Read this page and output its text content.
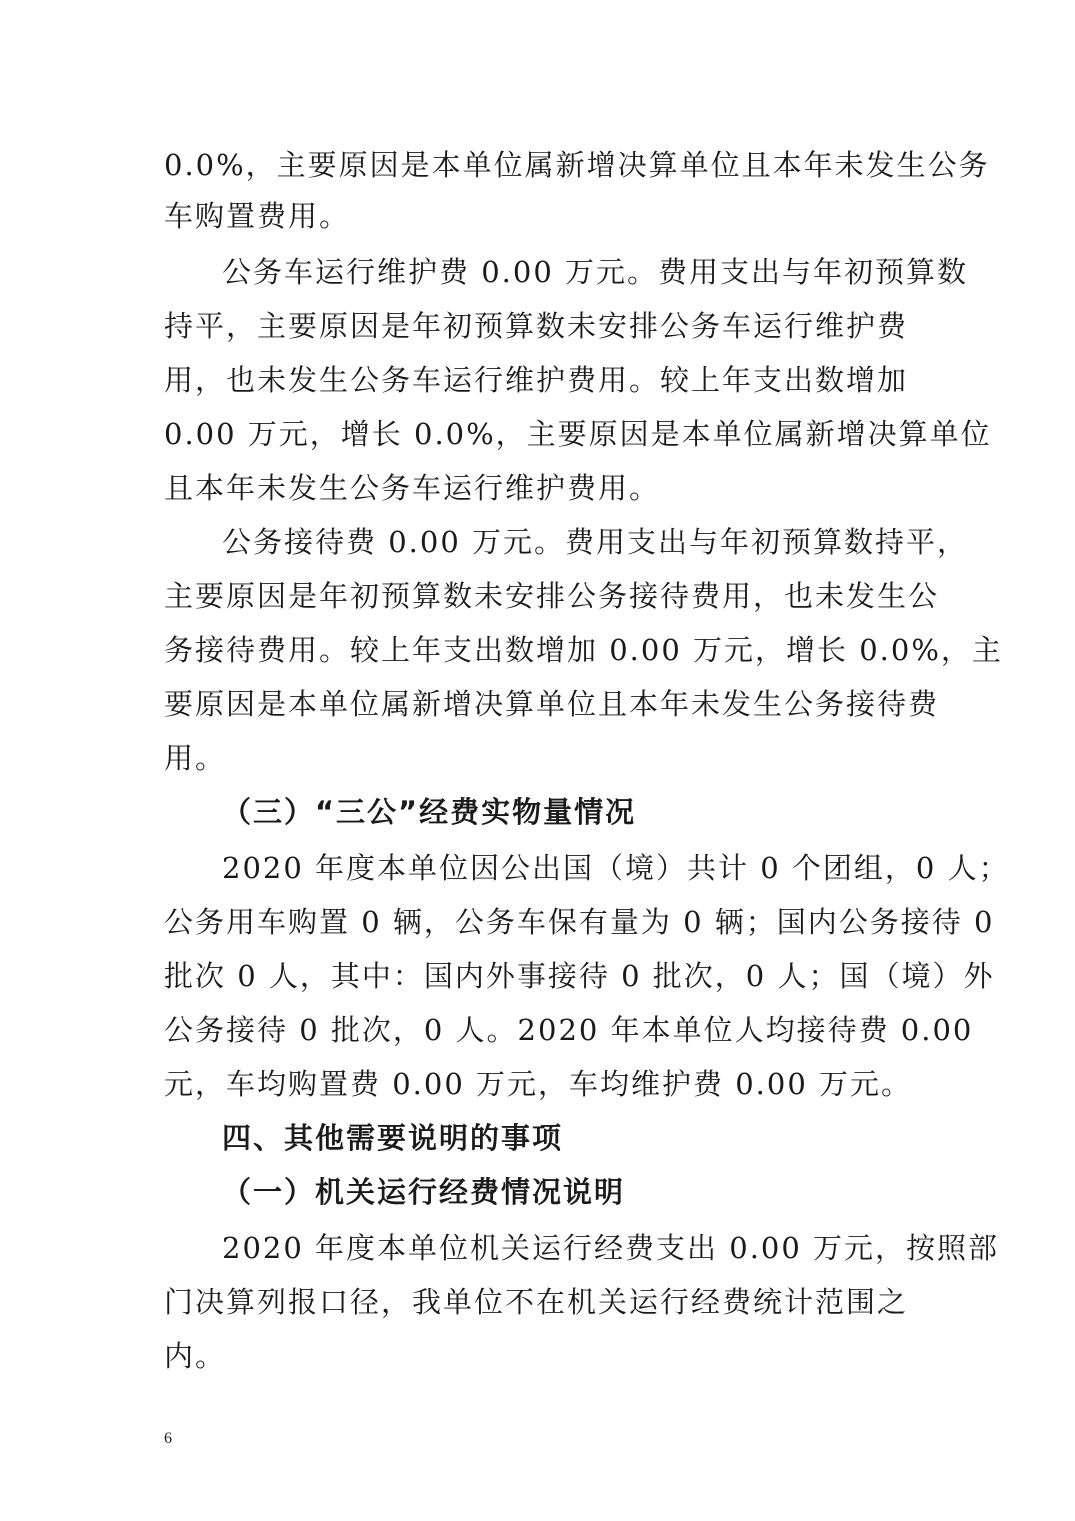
0.0%，主要原因是本单位属新增决算单位且本年未发生公务
车购置费用。
公务车运行维护费 0.00 万元。费用支出与年初预算数
持平，主要原因是年初预算数未安排公务车运行维护费
用，也未发生公务车运行维护费用。较上年支出数增加
0.00 万元，增长 0.0%，主要原因是本单位属新增决算单位
且本年未发生公务车运行维护费用。
公务接待费 0.00 万元。费用支出与年初预算数持平，
主要原因是年初预算数未安排公务接待费用，也未发生公
务接待费用。较上年支出数增加 0.00 万元，增长 0.0%，主
要原因是本单位属新增决算单位且本年未发生公务接待费
用。
（三）“三公”经费实物量情况
2020 年度本单位因公出国（境）共计 0 个团组，0 人；
公务用车购置 0 辆，公务车保有量为 0 辆；国内公务接待 0
批次 0 人，其中：国内外事接待 0 批次，0 人；国（境）外
公务接待 0 批次，0 人。2020 年本单位人均接待费 0.00
元，车均购置费 0.00 万元，车均维护费 0.00 万元。
四、其他需要说明的事项
（一）机关运行经费情况说明
2020 年度本单位机关运行经费支出 0.00 万元，按照部
门决算列报口径，我单位不在机关运行经费统计范围之
内。
6
